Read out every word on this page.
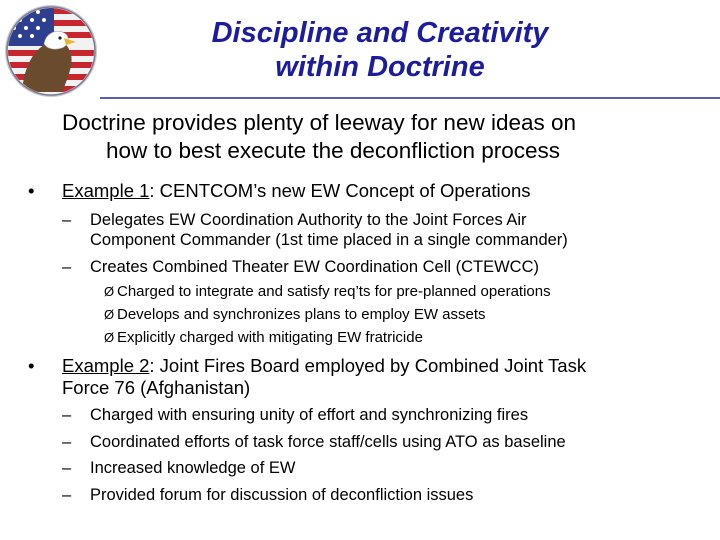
Discipline and Creativity
within Doctrine
Doctrine provides plenty of leeway for new ideas on
how to best execute the deconfliction process
• Example 1: CENTCOM’s new EW Concept of Operations
– Delegates EW Coordination Authority to the Joint Forces Air
Component Commander (1st time placed in a single commander)
– Creates Combined Theater EW Coordination Cell (CTEWCC)
Ø Charged to integrate and satisfy req’ts for pre-planned operations
Ø Develops and synchronizes plans to employ EW assets
Ø Explicitly charged with mitigating EW fratricide
• Example 2: Joint Fires Board employed by Combined Joint Task
Force 76 (Afghanistan)
– Charged with ensuring unity of effort and synchronizing fires
– Coordinated efforts of task force staff/cells using ATO as baseline
– Increased knowledge of EW
– Provided forum for discussion of deconfliction issues
